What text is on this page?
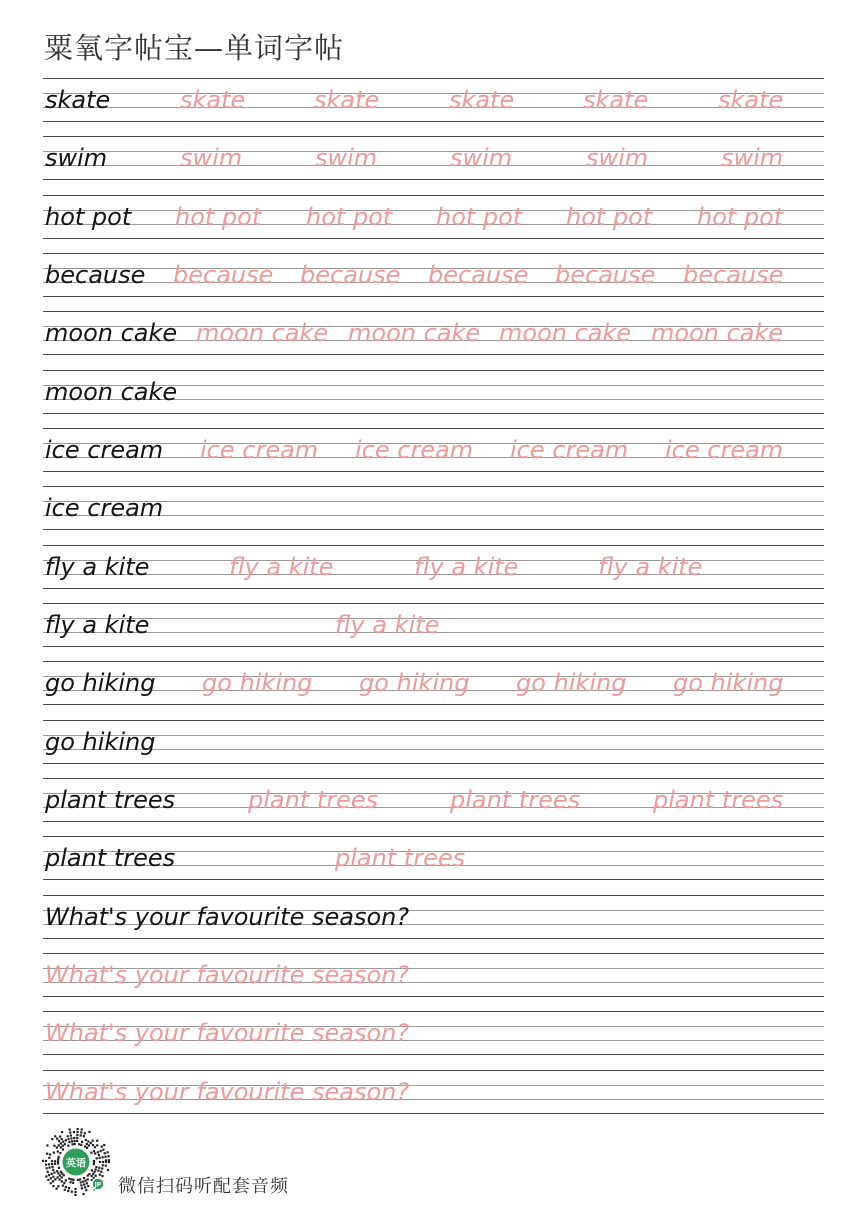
粟氧字帖宝—单词字帖
skate	skate	skate	skate	skate	skate
swim	swim	swim	swim	swim	swim
hot pot hot pot hot pot hot pot hot pot hot pot
because because because because because because
moon cake moon cake moon cake moon cake moon cake
moon cake
ice cream ice cream ice cream ice cream ice cream
ice cream
fly a kite	fly a kite	fly a kite	fly a kite
fly a kite	fly a kite
go hiking go hiking go hiking go hiking go hiking
go hiking
plant trees	plant trees	plant trees	plant trees
plant trees	plant trees
What's your favourite season?
What's your favourite season?
What's your favourite season?
What's your favourite season?
英语
JP 微信扫码听配套音频
